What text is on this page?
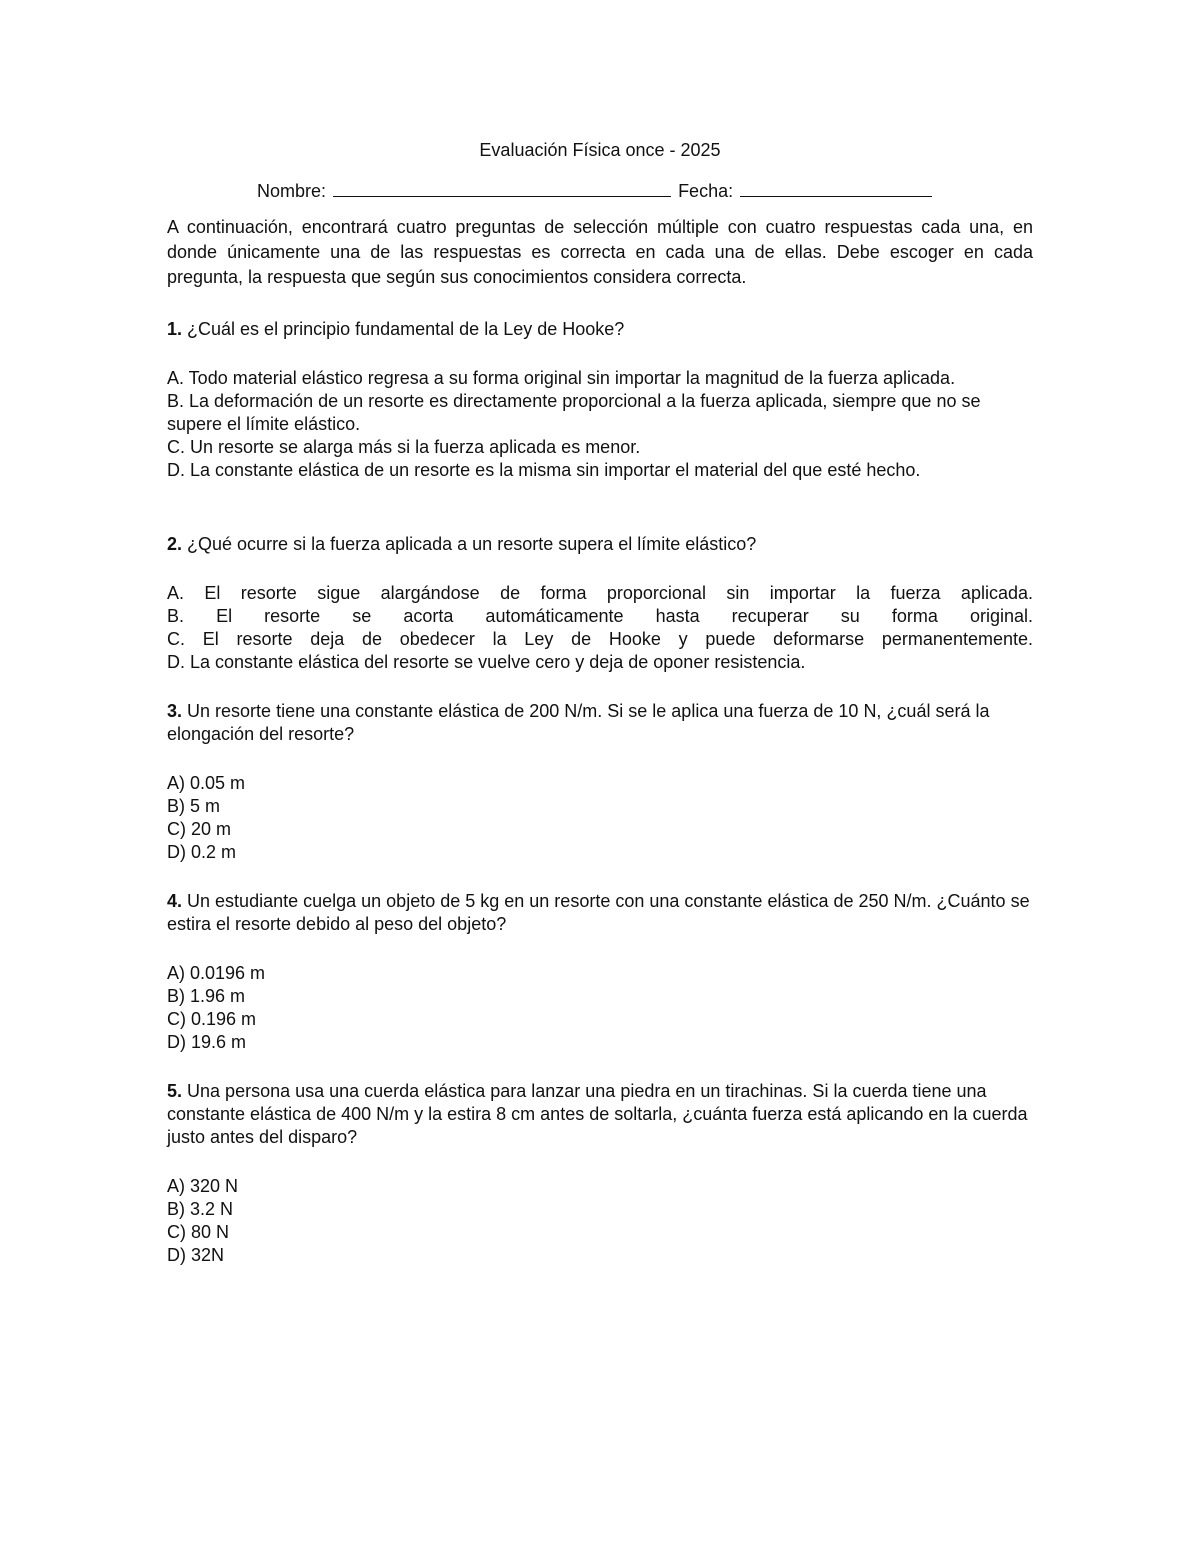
Evaluación Física once - 2025

Nombre:	Fecha:

A continuación, encontrará cuatro preguntas de selección múltiple con cuatro respuestas cada una, en donde únicamente una de las respuestas es correcta en cada una de ellas. Debe escoger en cada pregunta, la respuesta que según sus conocimientos considera correcta.

1. ¿Cuál es el principio fundamental de la Ley de Hooke?

A. Todo material elástico regresa a su forma original sin importar la magnitud de la fuerza aplicada.
B. La deformación de un resorte es directamente proporcional a la fuerza aplicada, siempre que no se supere el límite elástico.
C. Un resorte se alarga más si la fuerza aplicada es menor.
D. La constante elástica de un resorte es la misma sin importar el material del que esté hecho.

2. ¿Qué ocurre si la fuerza aplicada a un resorte supera el límite elástico?

A. El resorte sigue alargándose de forma proporcional sin importar la fuerza aplicada.
B. El resorte se acorta automáticamente hasta recuperar su forma original.
C. El resorte deja de obedecer la Ley de Hooke y puede deformarse permanentemente.
D. La constante elástica del resorte se vuelve cero y deja de oponer resistencia.

3. Un resorte tiene una constante elástica de 200 N/m. Si se le aplica una fuerza de 10 N, ¿cuál será la elongación del resorte?

A) 0.05 m
B) 5 m
C) 20 m
D) 0.2 m

4. Un estudiante cuelga un objeto de 5 kg en un resorte con una constante elástica de 250 N/m. ¿Cuánto se estira el resorte debido al peso del objeto?

A) 0.0196 m
B) 1.96 m
C) 0.196 m
D) 19.6 m

5. Una persona usa una cuerda elástica para lanzar una piedra en un tirachinas. Si la cuerda tiene una constante elástica de 400 N/m y la estira 8 cm antes de soltarla, ¿cuánta fuerza está aplicando en la cuerda justo antes del disparo?

A) 320 N
B) 3.2 N
C) 80 N
D) 32N
